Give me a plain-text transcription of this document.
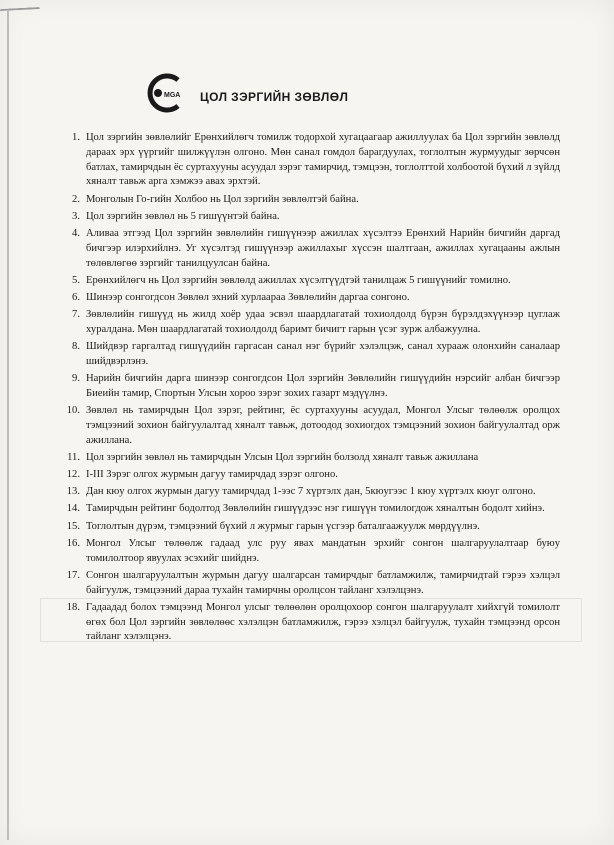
MGA ЦОЛ ЗЭРГИЙН ЗӨВЛӨЛ
1. Цол зэргийн зөвлөлийг Ерөнхийлөгч томилж тодорхой хугацаагаар ажиллуулах ба Цол зэргийн зөвлөлд дараах эрх үүргийг шилжүүлэн олгоно. Мөн санал гомдол барагдуулах, тоглолтын журмуудыг зөрчсөн батлах, тамирчдын ёс суртахууны асуудал зэрэг тамирчид, тэмцээн, тоглолттой холбоотой бүхий л зүйлд хяналт тавьж арга хэмжээ авах эрхтэй.
2. Монголын Го-гийн Холбоо нь Цол зэргийн зөвлөлтэй байна.
3. Цол зэргийн зөвлөл нь 5 гишүүнтэй байна.
4. Аливаа этгээд Цол зэргийн зөвлөлийн гишүүнээр ажиллах хүсэлтээ Ерөнхий Нарийн бичгийн даргад бичгээр илэрхийлнэ. Уг хүсэлтэд гишүүнээр ажиллахыг хүссэн шалтгаан, ажиллах хугацааны ажлын төлөвлөгөө зэргийг танилцуулсан байна.
5. Ерөнхийлөгч нь Цол зэргийн зөвлөлд ажиллах хүсэлтүүдтэй танилцаж 5 гишүүнийг томилно.
6. Шинээр сонгогдсон Зөвлөл эхний хурлаараа Зөвлөлийн даргаа сонгоно.
7. Зөвлөлийн гишүүд нь жилд хоёр удаа эсвэл шаардлагатай тохиолдолд бүрэн бүрэлдэхүүнээр цуглаж хуралдана. Мөн шаардлагатай тохиолдолд баримт бичигт гарын үсэг зурж албажуулна.
8. Шийдвэр гаргалтад гишүүдийн гаргасан санал нэг бүрийг хэлэлцэж, санал хурааж олонхийн саналаар шийдвэрлэнэ.
9. Нарийн бичгийн дарга шинээр сонгогдсон Цол зэргийн Зөвлөлийн гишүүдийн нэрсийг албан бичгээр Биеийн тамир, Спортын Улсын хороо зэрэг зохих газарт мэдүүлнэ.
10. Зөвлөл нь тамирчдын Цол зэрэг, рейтинг, ёс суртахууны асуудал, Монгол Улсыг төлөөлж оролцох тэмцээний зохион байгуулалтад хяналт тавьж, дотоодод зохиогдох тэмцээний зохион байгуулалтад орж ажиллана.
11. Цол зэргийн зөвлөл нь тамирчдын Улсын Цол зэргийн болзолд хяналт тавьж ажиллана
12. I-III Зэрэг олгох журмын дагуу тамирчдад зэрэг олгоно.
13. Дан кюу олгох журмын дагуу тамирчдад 1-ээс 7 хүртэлх дан, 5кюугээс 1 кюу хүртэлх кюуг олгоно.
14. Тамирчдын рейтинг бодолтод Зөвлөлийн гишүүдээс нэг гишүүн томилогдож хяналтын бодолт хийнэ.
15. Тоглолтын дүрэм, тэмцээний бүхий л журмыг гарын үсгээр баталгаажуулж мөрдүүлнэ.
16. Монгол Улсыг төлөөлж гадаад улс руу явах мандатын эрхийг сонгон шалгаруулалтаар буюу томилолтоор явуулах эсэхийг шийднэ.
17. Сонгон шалгаруулалтын журмын дагуу шалгарсан тамирчдыг батламжилж, тамирчидтай гэрээ хэлцэл байгуулж, тэмцээний дараа тухайн тамирчны оролцсон тайланг хэлэлцэнэ.
18. Гадаадад болох тэмцээнд Монгол улсыг төлөөлөн оролцохоор сонгон шалгаруулалт хийхгүй томилолт өгөх бол Цол зэргийн зөвлөлөөс хэлэлцэн батламжилж, гэрээ хэлцэл байгуулж, тухайн тэмцээнд орсон тайланг хэлэлцэнэ.
